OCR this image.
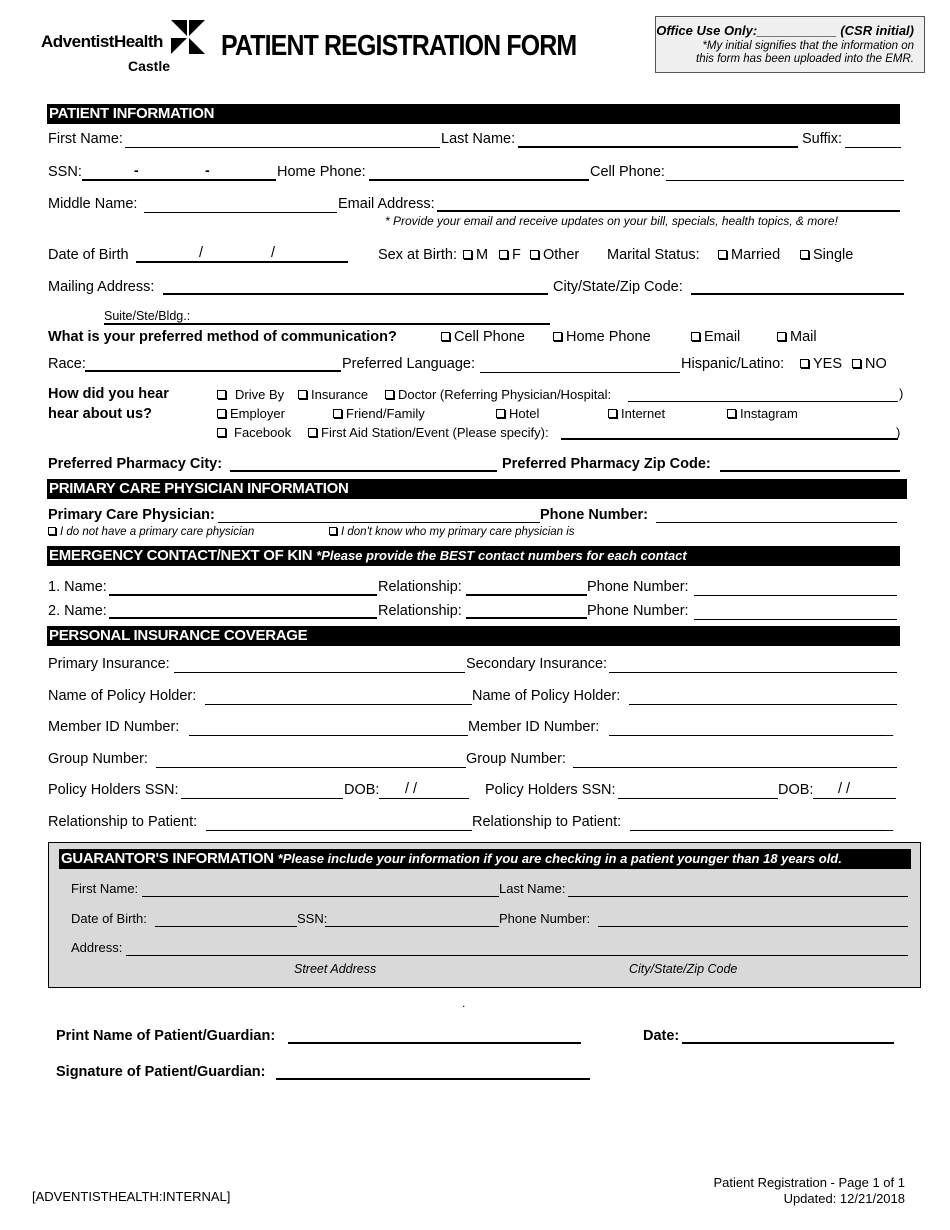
AdventistHealth
Castle
PATIENT REGISTRATION FORM	Office Use Only:___________ (CSR initial)
*My initial signifies that the information on
this form has been uploaded into the EMR.
PATIENT INFORMATION
First Name:	Last Name:	Suffix:
SSN:	-	-	Home Phone:	Cell Phone:
Middle Name:	Email Address:
* Provide your email and receive updates on your bill, specials, health topics, & more!
Date of Birth	/	/	Sex at Birth:	M	F	Other Marital Status:	Married	Single
Mailing Address:	City/State/Zip Code:
Suite/Ste/Bldg.:
What is your preferred method of communication?	Cell Phone	Home Phone	Email	Mail
Race:	Preferred Language:	Hispanic/Latino:	YES	NO
How did you hear
hear about us?
Drive By	Insurance	Doctor (Referring Physician/Hospital:	)
Employer	Friend/Family	Hotel	Internet	Instagram
Facebook	First Aid Station/Event (Please specify):	)
Preferred Pharmacy City:	Preferred Pharmacy Zip Code:
PRIMARY CARE PHYSICIAN INFORMATION
Primary Care Physician:	Phone Number:
I do not have a primary care physician	I don't know who my primary care physician is
EMERGENCY CONTACT/NEXT OF KIN *Please provide the BEST contact numbers for each contact
1. Name:	Relationship:	Phone Number:
2. Name:	Relationship:	Phone Number:
PERSONAL INSURANCE COVERAGE
Primary Insurance:	Secondary Insurance:
Name of Policy Holder:	Name of Policy Holder:
Member ID Number:	Member ID Number:	_
Group Number:	Group Number:
Policy Holders SSN:	DOB: / /	Policy Holders SSN:	DOB: / /
Relationship to Patient:	Relationship to Patient:	_
GUARANTOR'S INFORMATION *Please include your information if you are checking in a patient younger than 18 years old.
First Name:	Last Name:
Date of Birth:	SSN:	Phone Number:
Address:
Street Address	City/State/Zip Code
.
Print Name of Patient/Guardian:	Date:
Signature of Patient/Guardian:
[ADVENTISTHEALTH:INTERNAL]
Patient Registration - Page 1 of 1
Updated: 12/21/2018
